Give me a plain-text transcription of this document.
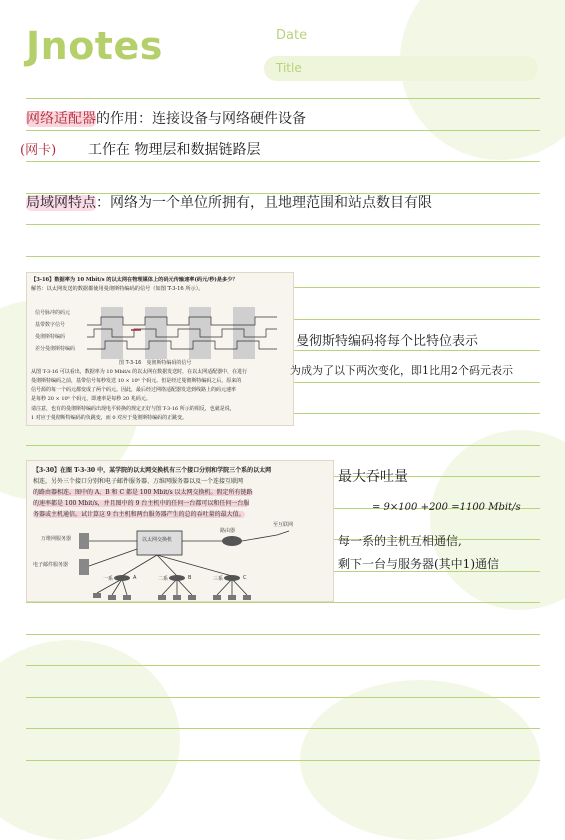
Jnotes	Date
Title
网络适配器的作用：连接设备与网络硬件设备
(网卡) 工作在 物理层和数据链路层
局域网特点：网络为一个单位所拥有，且地理范围和站点数目有限

【3-16】数据率为 10 Mbit/s 的以太网在物理媒体上的码元传输速率(码元/秒)是多少？

解答：以太网发送的数据都使用曼彻斯特编码的信号（如图 T-3-16 所示）。

信号脉冲的码元
基带数字信号
曼彻斯特编码
差分曼彻斯特编码
图 T-3-16　曼彻斯特编码的信号

从图 T-3-16 可以看出，数据率为 10 Mbit/s 的以太网在数据发送时，在以太网适配器中，在进行

曼彻斯特编码之前，基带信号每秒发送 10 × 10⁶ 个码元。但是经过曼彻斯特编码之后，原来的

信号源的每一个码元都变成了两个码元。因此，最后经过网络适配器发送到线路上的码元速率

是每秒 20 × 10⁶ 个码元，即速率是每秒 20 兆码元。

请注意，也有的曼彻斯特编码出现电平转换的规定正好与图 T-3-16 所示的相反，也就是说，

1 对应于曼彻斯特编码的负跳变，而 0 对应于曼彻斯特编码的正跳变。

曼彻斯特编码将每个比特位表示
为成为了以下两次变化，即1比用2个码元表示

【3-30】在图 T-3-30 中，某学院的以太网交换机有三个接口分别和学院三个系的以太网

相连，另外三个接口分别和电子邮件服务器、万维网服务器以及一个连接互联网

的路由器相连。图中的 A、B 和 C 都是 100 Mbit/s 以太网交换机。假定所有链路

的速率都是 100 Mbit/s，并且图中的 9 台主机中的任何一台都可以和任何一台服

务器或主机通信。试计算这 9 台主机和两台服务器产生的总的吞吐量的最大值。

万维网服务器
电子邮件服务器
以太网交换机
路由器
至互联网
一系	二系	三系
A	B	C
最大吞吐量
= 9×100 +200 =1100 Mbit/s
每一系的主机互相通信,
剩下一台与服务器(其中1)通信
